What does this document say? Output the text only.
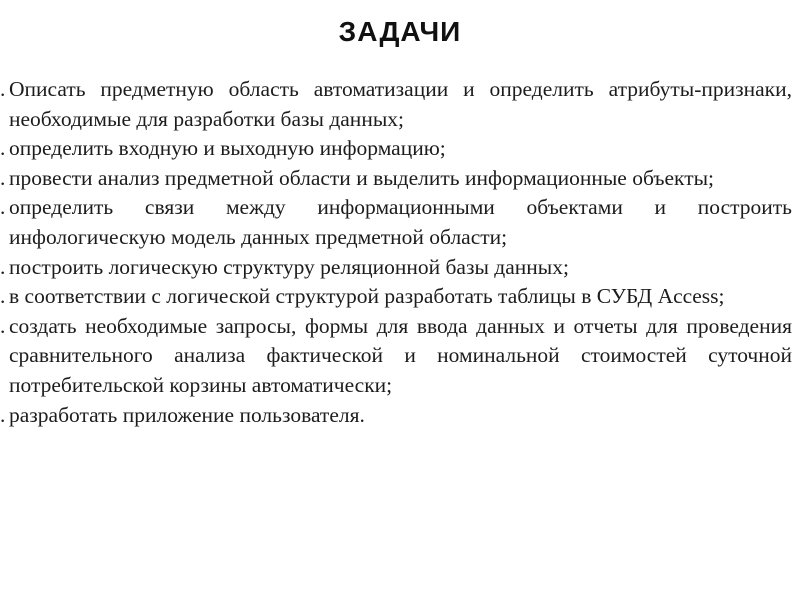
ЗАДАЧИ
. Описать предметную область автоматизации и определить атрибуты-признаки, необходимые для разработки базы данных;
. определить входную и выходную информацию;
. провести анализ предметной области и выделить информационные объекты;
. определить связи между информационными объектами и построить инфологическую модель данных предметной области;
. построить логическую структуру реляционной базы данных;
. в соответствии с логической структурой разработать таблицы в СУБД Access;
. создать необходимые запросы, формы для ввода данных и отчеты для проведения сравнительного анализа фактической и номинальной стоимостей суточной потребительской корзины автоматически;
. разработать приложение пользователя.
